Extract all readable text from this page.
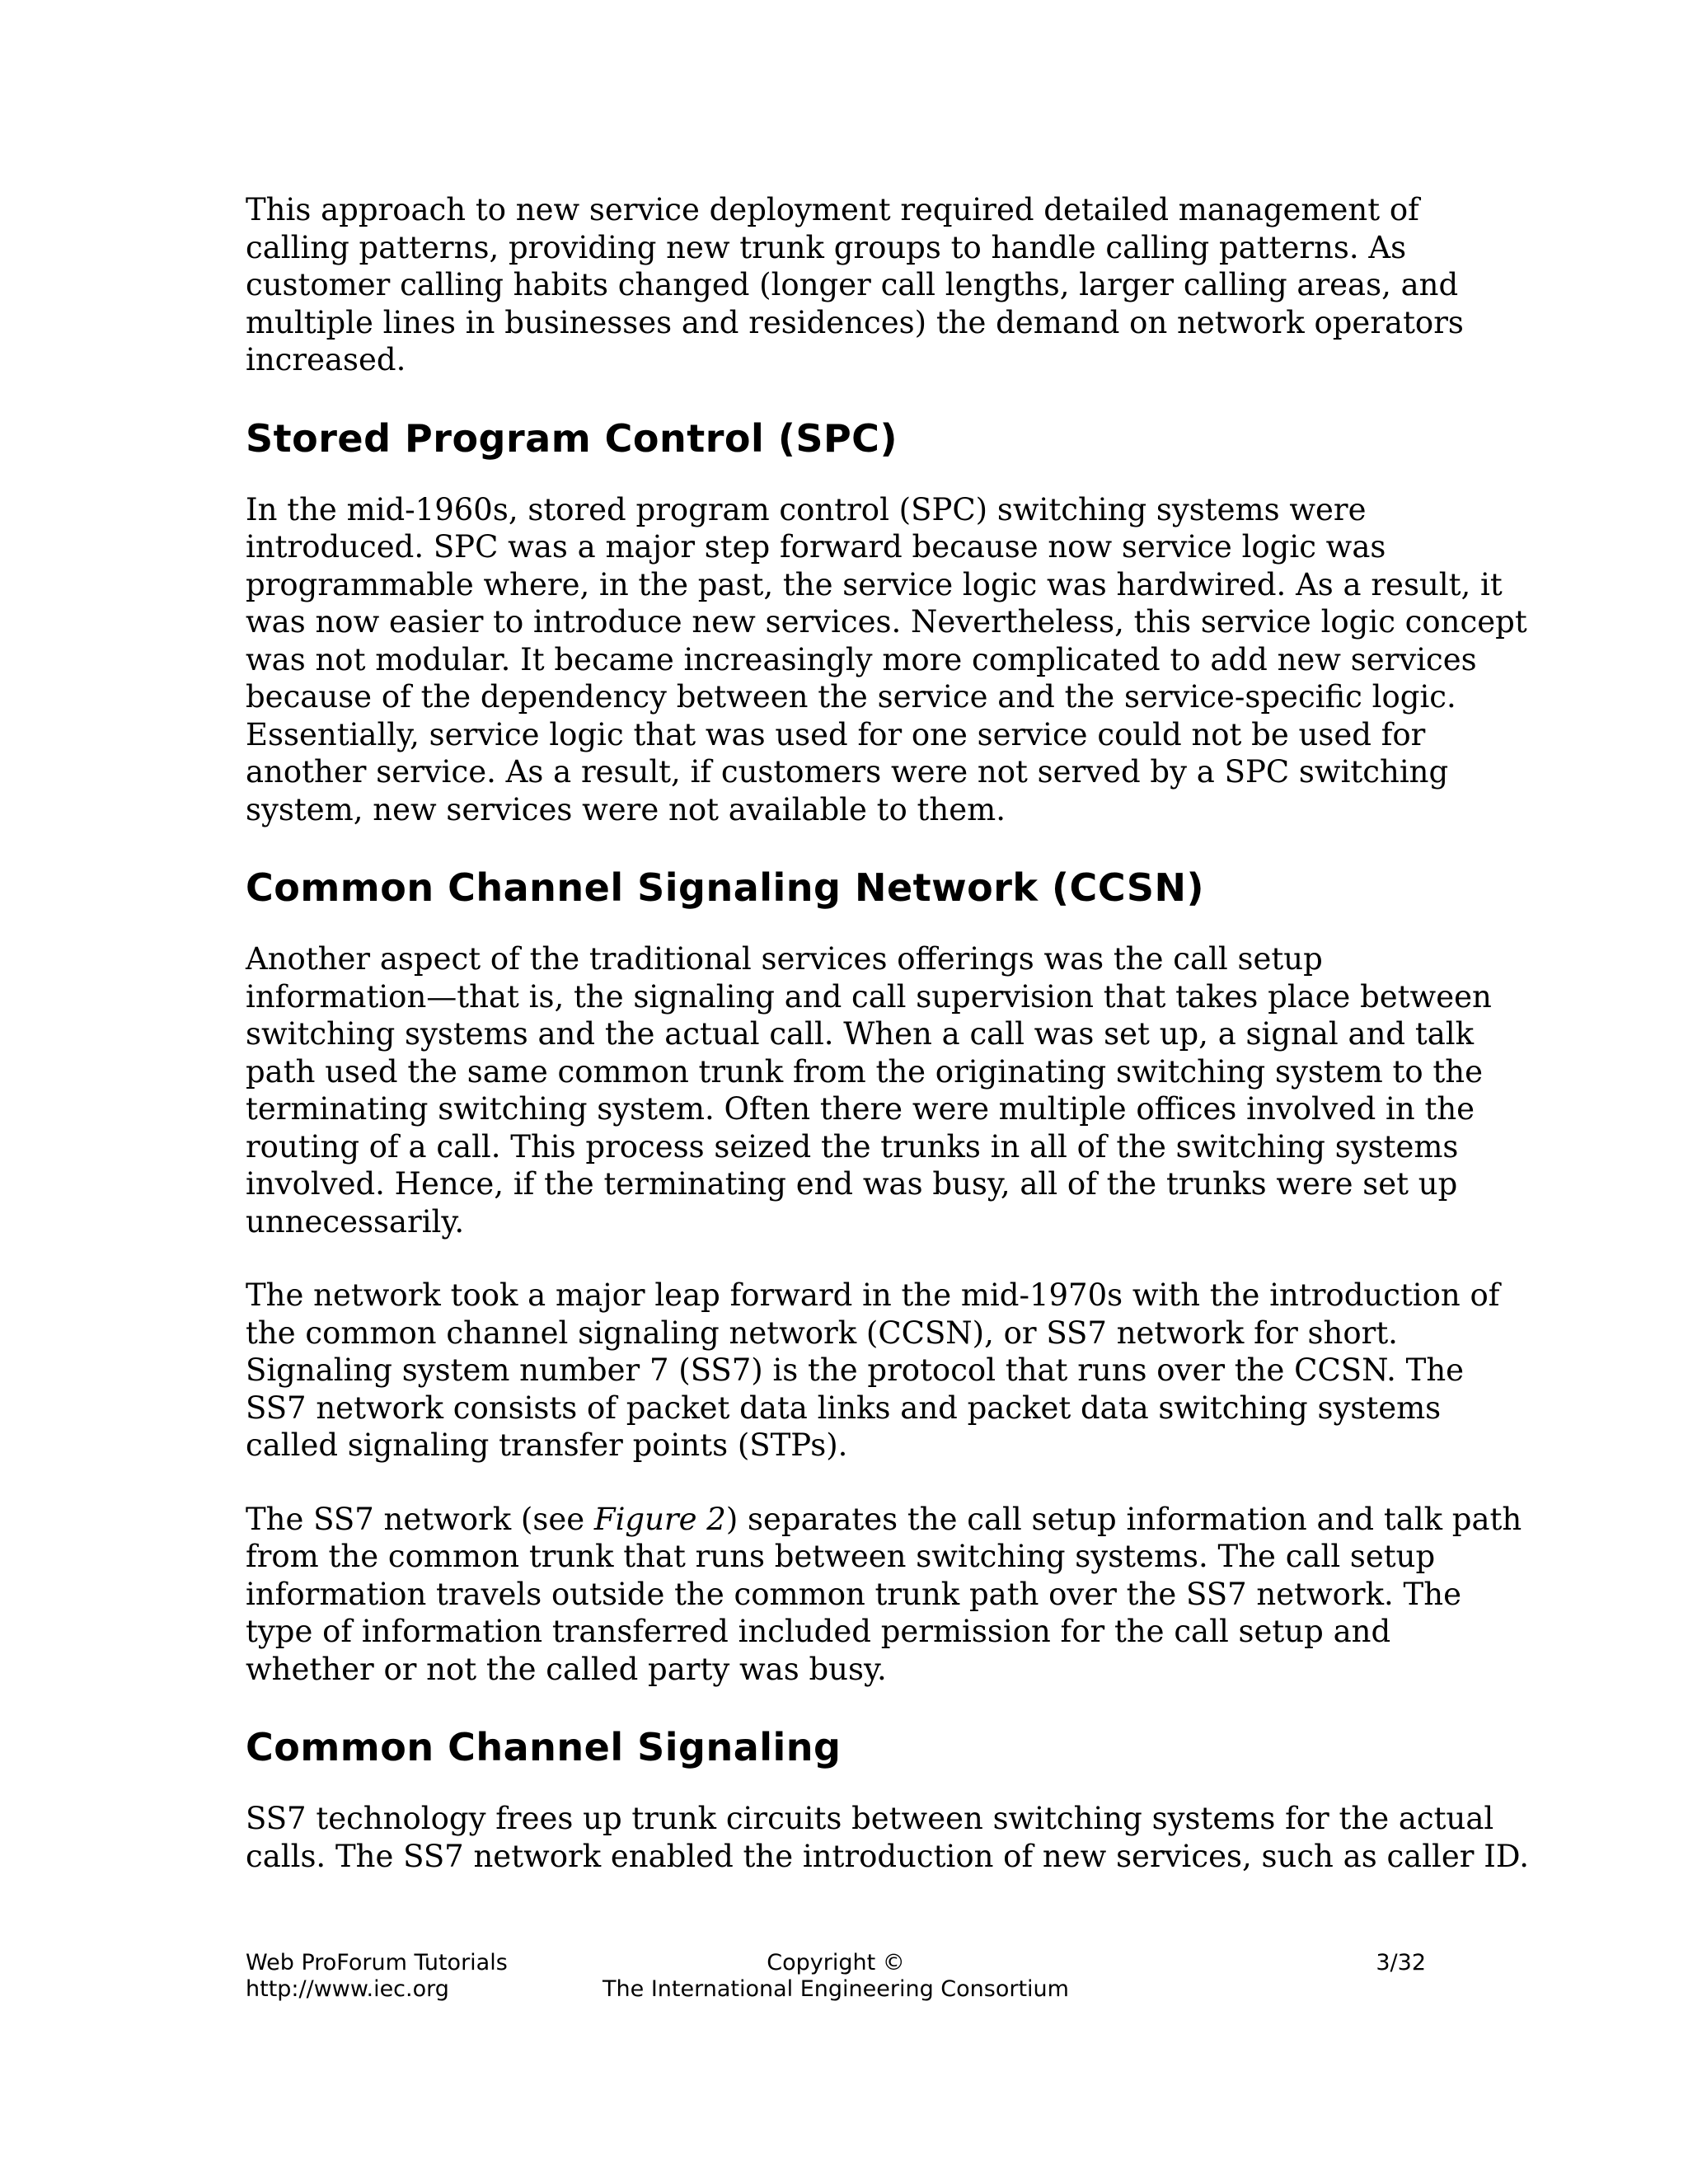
This approach to new service deployment required detailed management of
calling patterns, providing new trunk groups to handle calling patterns. As
customer calling habits changed (longer call lengths, larger calling areas, and
multiple lines in businesses and residences) the demand on network operators
increased.

Stored Program Control (SPC)

In the mid-1960s, stored program control (SPC) switching systems were
introduced. SPC was a major step forward because now service logic was
programmable where, in the past, the service logic was hardwired. As a result, it
was now easier to introduce new services. Nevertheless, this service logic concept
was not modular. It became increasingly more complicated to add new services
because of the dependency between the service and the service-specific logic.
Essentially, service logic that was used for one service could not be used for
another service. As a result, if customers were not served by a SPC switching
system, new services were not available to them.

Common Channel Signaling Network (CCSN)

Another aspect of the traditional services offerings was the call setup
information—that is, the signaling and call supervision that takes place between
switching systems and the actual call. When a call was set up, a signal and talk
path used the same common trunk from the originating switching system to the
terminating switching system. Often there were multiple offices involved in the
routing of a call. This process seized the trunks in all of the switching systems
involved. Hence, if the terminating end was busy, all of the trunks were set up
unnecessarily.

The network took a major leap forward in the mid-1970s with the introduction of
the common channel signaling network (CCSN), or SS7 network for short.
Signaling system number 7 (SS7) is the protocol that runs over the CCSN. The
SS7 network consists of packet data links and packet data switching systems
called signaling transfer points (STPs).

The SS7 network (see Figure 2) separates the call setup information and talk path
from the common trunk that runs between switching systems. The call setup
information travels outside the common trunk path over the SS7 network. The
type of information transferred included permission for the call setup and
whether or not the called party was busy.

Common Channel Signaling

SS7 technology frees up trunk circuits between switching systems for the actual
calls. The SS7 network enabled the introduction of new services, such as caller ID.

Web ProForum Tutorials
http://www.iec.org
Copyright ©
The International Engineering Consortium
3/32
